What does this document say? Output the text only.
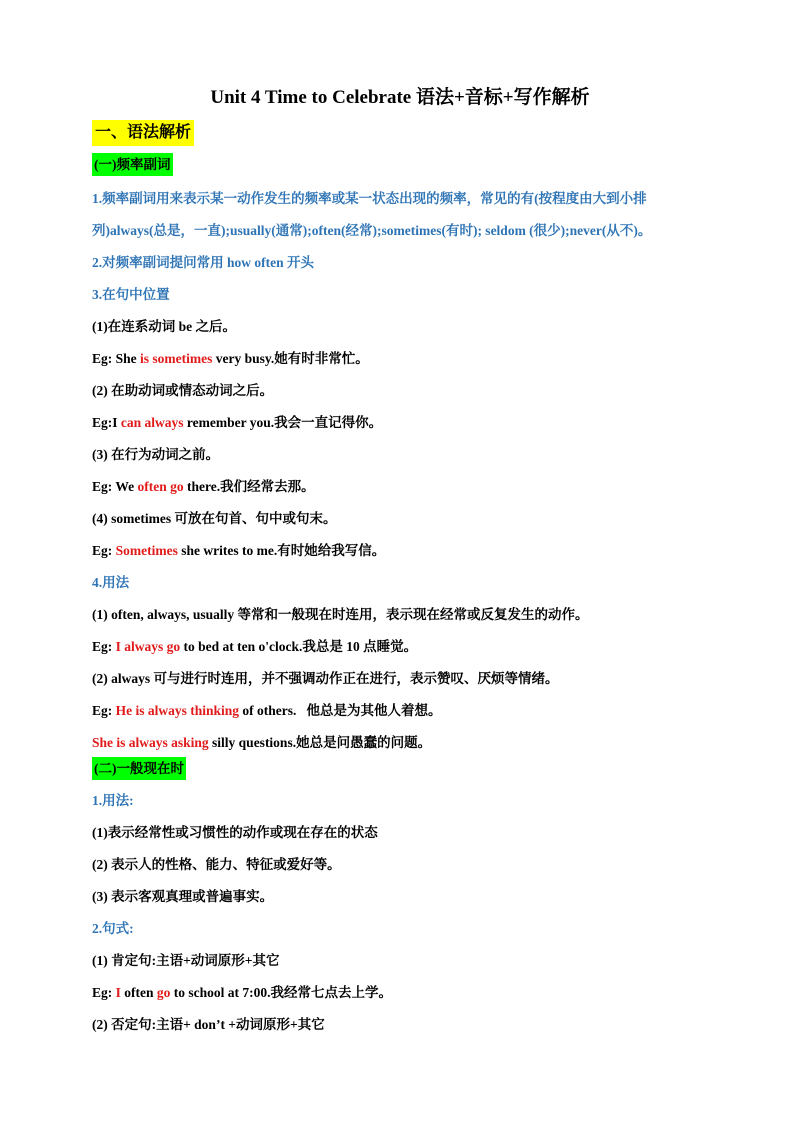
Unit 4 Time to Celebrate 语法+音标+写作解析
一、语法解析
(一)频率副词
1.频率副词用来表示某一动作发生的频率或某一状态出现的频率，常见的有(按程度由大到小排
列)always(总是，一直);usually(通常);often(经常);sometimes(有时); seldom (很少);never(从不)。
2.对频率副词提问常用 how often 开头
3.在句中位置
(1)在连系动词 be 之后。
Eg: She is sometimes very busy.她有时非常忙。
(2) 在助动词或情态动词之后。
Eg:I can always remember you.我会一直记得你。
(3) 在行为动词之前。
Eg: We often go there.我们经常去那。
(4) sometimes 可放在句首、句中或句末。
Eg: Sometimes she writes to me.有时她给我写信。
4.用法
(1) often, always, usually 等常和一般现在时连用，表示现在经常或反复发生的动作。
Eg: I always go to bed at ten o'clock.我总是 10 点睡觉。
(2) always 可与进行时连用，并不强调动作正在进行，表示赞叹、厌烦等情绪。
Eg: He is always thinking of others.   他总是为其他人着想。
She is always asking silly questions.她总是问愚蠢的问题。
(二)一般现在时
1.用法:
(1)表示经常性或习惯性的动作或现在存在的状态
(2) 表示人的性格、能力、特征或爱好等。
(3) 表示客观真理或普遍事实。
2.句式:
(1) 肯定句:主语+动词原形+其它
Eg: I often go to school at 7:00.我经常七点去上学。
(2) 否定句:主语+ don’t +动词原形+其它
